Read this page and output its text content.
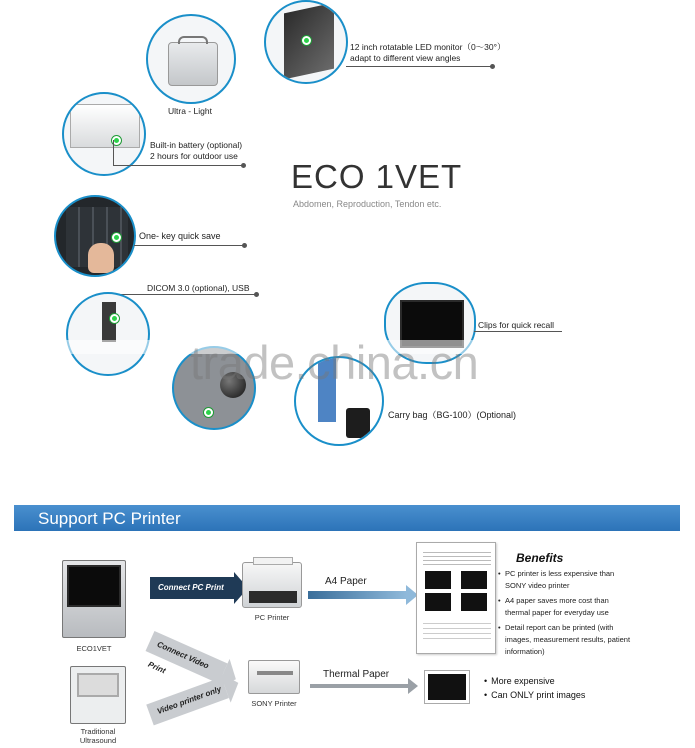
Ultra - Light
12 inch rotatable LED monitor（0～30°）
adapt to different view angles
Built-in battery (optional)
2 hours for outdoor use
ECO 1VET
Abdomen, Reproduction, Tendon etc.
One- key quick save
DICOM 3.0 (optional), USB
Clips for quick recall
Carry bag（BG-100）(Optional)
trade.china.cn
Support PC Printer
ECO1VET
Traditional
Ultrasound
Connect PC Print
Connect Video Print
Video printer only
PC Printer
SONY Printer
A4 Paper
Thermal Paper
Benefits
• PC printer is less expensive than SONY video printer
• A4 paper saves more cost than thermal paper for everyday use
• Detail report can be printed (with images, measurement results, patient information)
• More expensive
• Can ONLY print images
